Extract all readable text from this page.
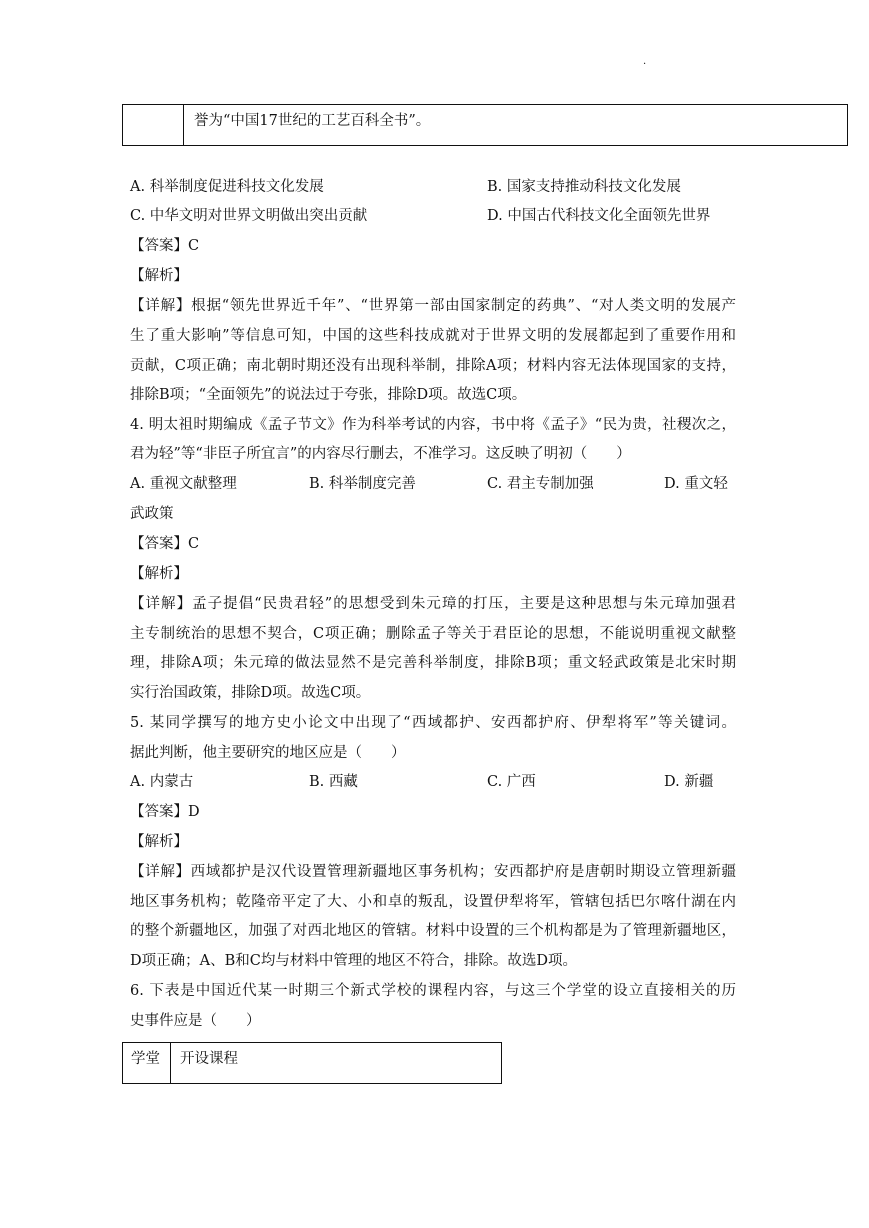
.
誉为“中国17世纪的工艺百科全书”。
A. 科举制度促进科技文化发展	B. 国家支持推动科技文化发展
C. 中华文明对世界文明做出突出贡献	D. 中国古代科技文化全面领先世界
【答案】C
【解析】
【详解】根据“领先世界近千年”、“世界第一部由国家制定的药典”、“对人类文明的发展产
生了重大影响”等信息可知，中国的这些科技成就对于世界文明的发展都起到了重要作用和
贡献，C项正确；南北朝时期还没有出现科举制，排除A项；材料内容无法体现国家的支持，
排除B项；“全面领先”的说法过于夸张，排除D项。故选C项。
4. 明太祖时期编成《孟子节文》作为科举考试的内容，书中将《孟子》“民为贵，社稷次之，
君为轻”等“非臣子所宜言”的内容尽行删去，不准学习。这反映了明初（　　）
A. 重视文献整理	B. 科举制度完善	C. 君主专制加强	D. 重文轻
武政策
【答案】C
【解析】
【详解】孟子提倡“民贵君轻”的思想受到朱元璋的打压，主要是这种思想与朱元璋加强君
主专制统治的思想不契合，C项正确；删除孟子等关于君臣论的思想，不能说明重视文献整
理，排除A项；朱元璋的做法显然不是完善科举制度，排除B项；重文轻武政策是北宋时期
实行治国政策，排除D项。故选C项。
5. 某同学撰写的地方史小论文中出现了“西域都护、安西都护府、伊犁将军”等关键词。
据此判断，他主要研究的地区应是（　　）
A. 内蒙古	B. 西藏	C. 广西	D. 新疆
【答案】D
【解析】
【详解】西域都护是汉代设置管理新疆地区事务机构；安西都护府是唐朝时期设立管理新疆
地区事务机构；乾隆帝平定了大、小和卓的叛乱，设置伊犁将军，管辖包括巴尔喀什湖在内
的整个新疆地区，加强了对西北地区的管辖。材料中设置的三个机构都是为了管理新疆地区，
D项正确；A、B和C均与材料中管理的地区不符合，排除。故选D项。
6. 下表是中国近代某一时期三个新式学校的课程内容，与这三个学堂的设立直接相关的历
史事件应是（　　）
学堂 开设课程
